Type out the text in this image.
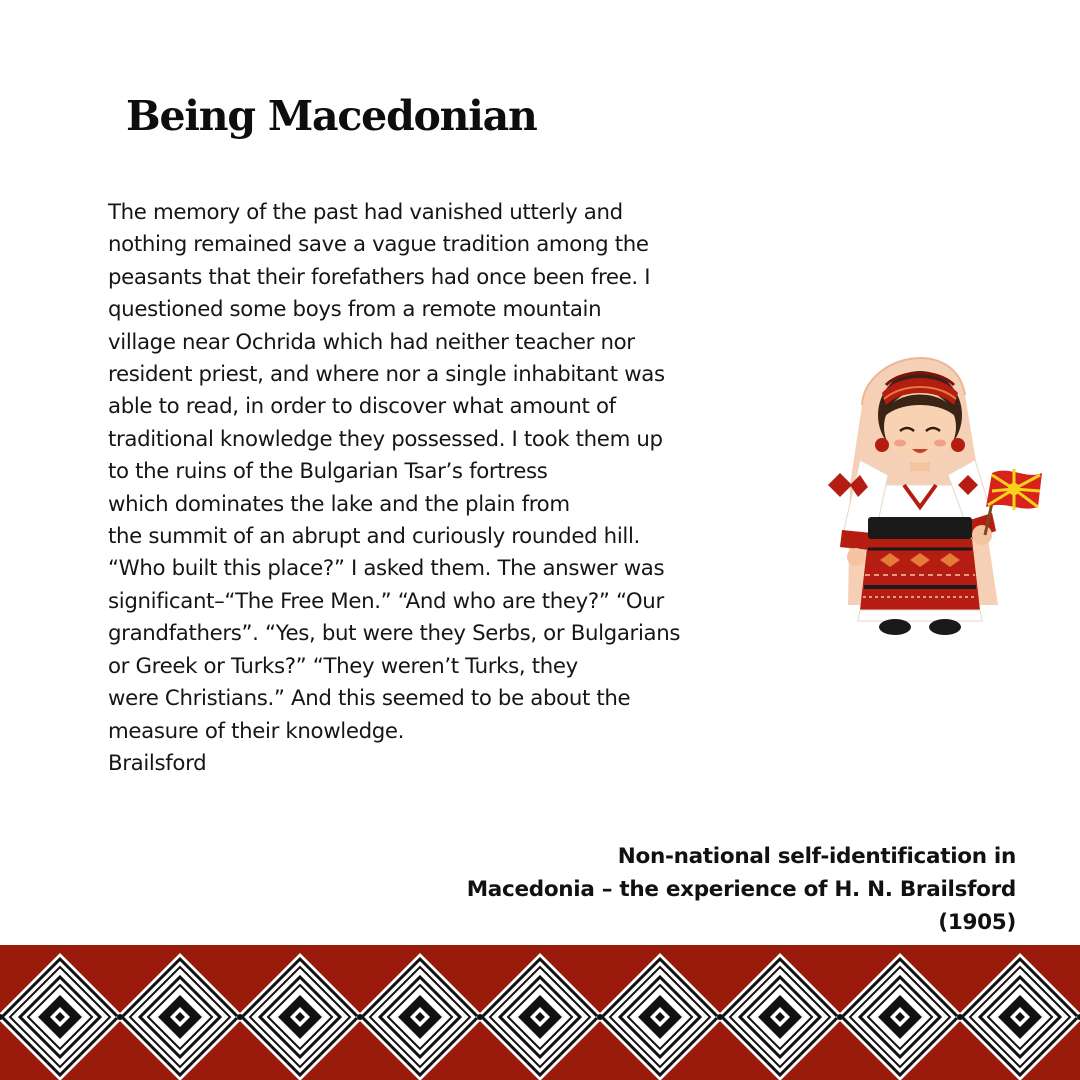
Being Macedonian
The memory of the past had vanished utterly and
nothing remained save a vague tradition among the
peasants that their forefathers had once been free. I
questioned some boys from a remote mountain
village near Ochrida which had neither teacher nor
resident priest, and where nor a single inhabitant was
able to read, in order to discover what amount of
traditional knowledge they possessed. I took them up
to the ruins of the Bulgarian Tsar’s fortress
which dominates the lake and the plain from
the summit of an abrupt and curiously rounded hill.
“Who built this place?” I asked them. The answer was
significant–“The Free Men.” “And who are they?” “Our
grandfathers”. “Yes, but were they Serbs, or Bulgarians
or Greek or Turks?” “They weren’t Turks, they
were Christians.” And this seemed to be about the
measure of their knowledge.
Brailsford
Non-national self-identification in
Macedonia – the experience of H. N. Brailsford
(1905)
